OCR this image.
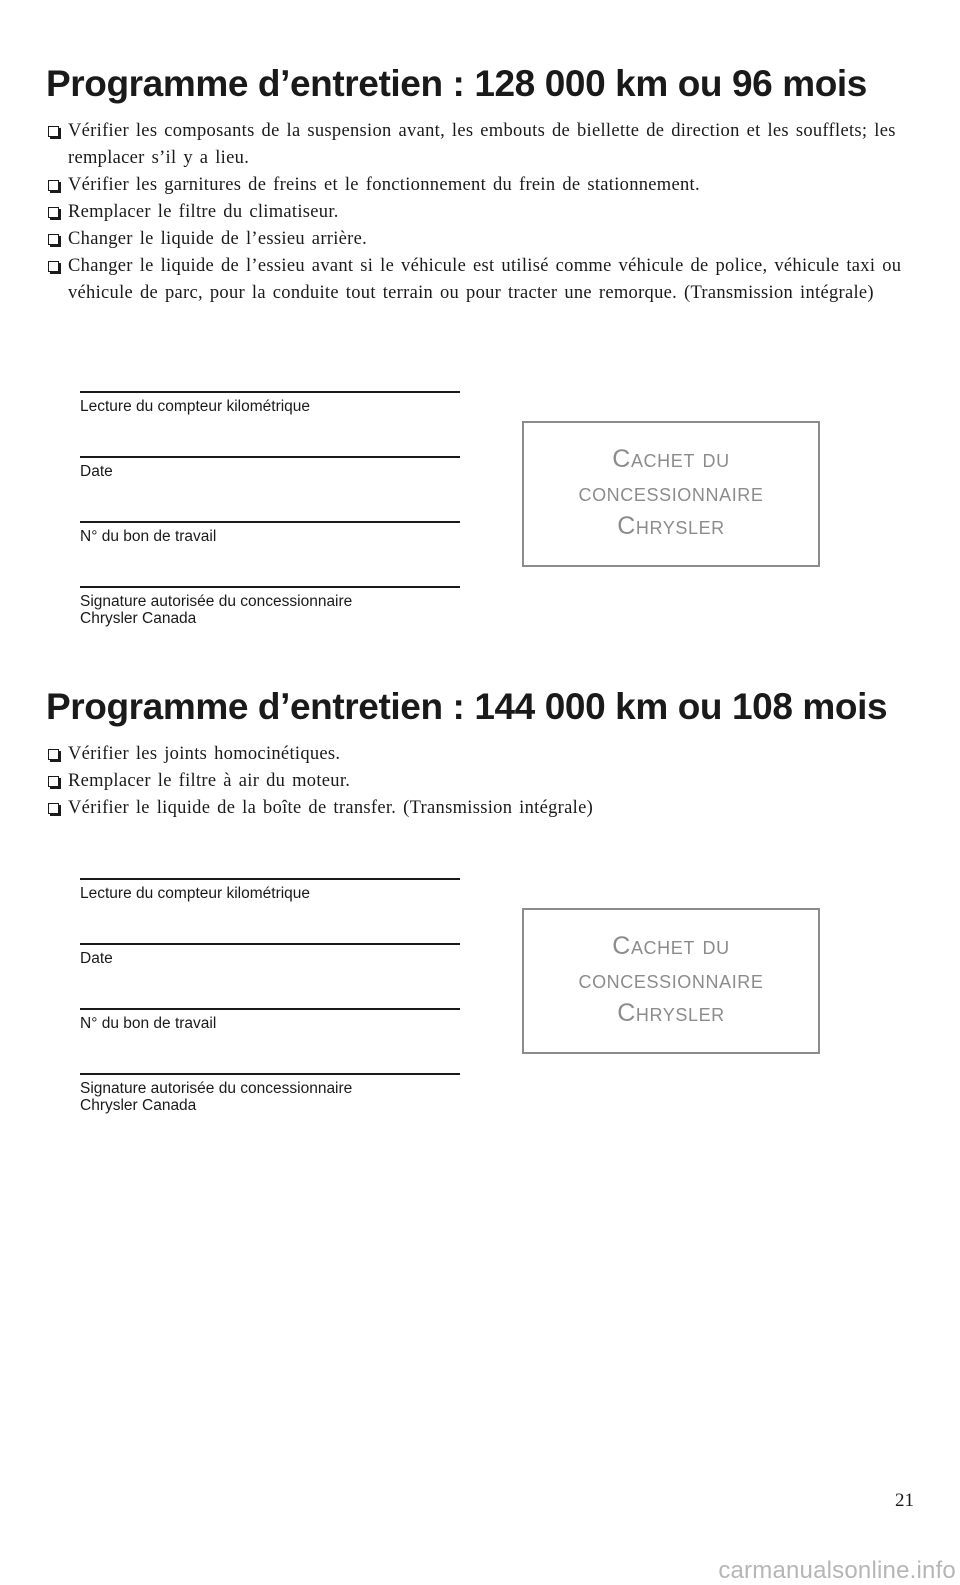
Programme d’entretien : 128 000 km ou 96 mois
Vérifier les composants de la suspension avant, les embouts de biellette de direction et les soufflets; les remplacer s’il y a lieu.
Vérifier les garnitures de freins et le fonctionnement du frein de stationnement.
Remplacer le filtre du climatiseur.
Changer le liquide de l’essieu arrière.
Changer le liquide de l’essieu avant si le véhicule est utilisé comme véhicule de police, véhicule taxi ou véhicule de parc, pour la conduite tout terrain ou pour tracter une remorque. (Transmission intégrale)
Lecture du compteur kilométrique
Date
N° du bon de travail
Signature autorisée du concessionnaire
Chrysler Canada
Cachet du
concessionnaire
Chrysler
Programme d’entretien : 144 000 km ou 108 mois
Vérifier les joints homocinétiques.
Remplacer le filtre à air du moteur.
Vérifier le liquide de la boîte de transfer. (Transmission intégrale)
Lecture du compteur kilométrique
Date
N° du bon de travail
Signature autorisée du concessionnaire
Chrysler Canada
Cachet du
concessionnaire
Chrysler
21
carmanualsonline.info
